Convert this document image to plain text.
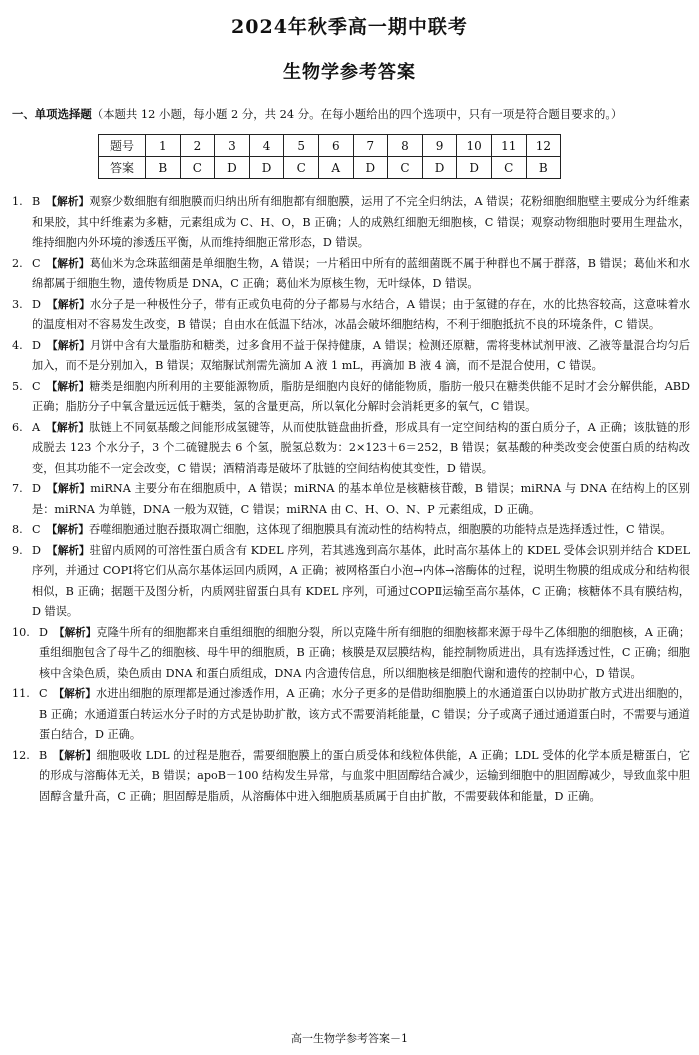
2024年秋季高一期中联考
生物学参考答案
一、单项选择题（本题共 12 小题，每小题 2 分，共 24 分。在每小题给出的四个选项中，只有一项是符合题目要求的。）
题号	1	2	3	4	5	6	7	8	9	10	11	12
答案	B	C	D	D	C	A	D	C	D	D	C	B
1. B 【解析】观察少数细胞有细胞膜而归纳出所有细胞都有细胞膜，运用了不完全归纳法，A 错误；花粉细胞细胞壁主要成分为纤维素和果胶，其中纤维素为多糖，元素组成为 C、H、O，B 正确；人的成熟红细胞无细胞核，C 错误；观察动物细胞时要用生理盐水，维持细胞内外环境的渗透压平衡，从而维持细胞正常形态，D 错误。
2. C 【解析】葛仙米为念珠蓝细菌是单细胞生物，A 错误；一片稻田中所有的蓝细菌既不属于种群也不属于群落，B 错误；葛仙米和水绵都属于细胞生物，遗传物质是 DNA，C 正确；葛仙米为原核生物，无叶绿体，D 错误。
3. D 【解析】水分子是一种极性分子，带有正或负电荷的分子都易与水结合，A 错误；由于氢键的存在，水的比热容较高，这意味着水的温度相对不容易发生改变，B 错误；自由水在低温下结冰，冰晶会破坏细胞结构，不利于细胞抵抗不良的环境条件，C 错误。
4. D 【解析】月饼中含有大量脂肪和糖类，过多食用不益于保持健康，A 错误；检测还原糖，需将斐林试剂甲液、乙液等量混合均匀后加入，而不是分别加入，B 错误；双缩脲试剂需先滴加 A 液 1 mL，再滴加 B 液 4 滴，而不是混合使用，C 错误。
5. C 【解析】糖类是细胞内所利用的主要能源物质，脂肪是细胞内良好的储能物质，脂肪一般只在糖类供能不足时才会分解供能，ABD 正确；脂肪分子中氧含量远远低于糖类，氢的含量更高，所以氧化分解时会消耗更多的氧气，C 错误。
6. A 【解析】肽链上不同氨基酸之间能形成氢键等，从而使肽链盘曲折叠，形成具有一定空间结构的蛋白质分子，A 正确；该肽链的形成脱去 123 个水分子，3 个二硫键脱去 6 个氢，脱氢总数为：2×123＋6＝252，B 错误；氨基酸的种类改变会使蛋白质的结构改变，但其功能不一定会改变，C 错误；酒精消毒是破坏了肽链的空间结构使其变性，D 错误。
7. D 【解析】miRNA 主要分布在细胞质中，A 错误；miRNA 的基本单位是核糖核苷酸，B 错误；miRNA 与 DNA 在结构上的区别是：miRNA 为单链，DNA 一般为双链，C 错误；miRNA 由 C、H、O、N、P 元素组成，D 正确。
8. C 【解析】吞噬细胞通过胞吞摄取凋亡细胞，这体现了细胞膜具有流动性的结构特点，细胞膜的功能特点是选择透过性，C 错误。
9. D 【解析】驻留内质网的可溶性蛋白质含有 KDEL 序列，若其逃逸到高尔基体，此时高尔基体上的 KDEL 受体会识别并结合 KDEL 序列，并通过 COPⅠ将它们从高尔基体运回内质网，A 正确；被网格蛋白小泡→内体→溶酶体的过程，说明生物膜的组成成分和结构很相似，B 正确；据题干及图分析，内质网驻留蛋白具有 KDEL 序列，可通过COPⅡ运输至高尔基体，C 正确；核糖体不具有膜结构，D 错误。
10. D 【解析】克隆牛所有的细胞都来自重组细胞的细胞分裂，所以克隆牛所有细胞的细胞核都来源于母牛乙体细胞的细胞核，A 正确；重组细胞包含了母牛乙的细胞核、母牛甲的细胞质，B 正确；核膜是双层膜结构，能控制物质进出，具有选择透过性，C 正确；细胞核中含染色质，染色质由 DNA 和蛋白质组成，DNA 内含遗传信息，所以细胞核是细胞代谢和遗传的控制中心，D 错误。
11. C 【解析】水进出细胞的原理都是通过渗透作用，A 正确；水分子更多的是借助细胞膜上的水通道蛋白以协助扩散方式进出细胞的，B 正确；水通道蛋白转运水分子时的方式是协助扩散，该方式不需要消耗能量，C 错误；分子或离子通过通道蛋白时，不需要与通道蛋白结合，D 正确。
12. B 【解析】细胞吸收 LDL 的过程是胞吞，需要细胞膜上的蛋白质受体和线粒体供能，A 正确；LDL 受体的化学本质是糖蛋白，它的形成与溶酶体无关，B 错误；apoB－100 结构发生异常，与血浆中胆固醇结合减少，运输到细胞中的胆固醇减少，导致血浆中胆固醇含量升高，C 正确；胆固醇是脂质，从溶酶体中进入细胞质基质属于自由扩散，不需要载体和能量，D 正确。
高一生物学参考答案－1
